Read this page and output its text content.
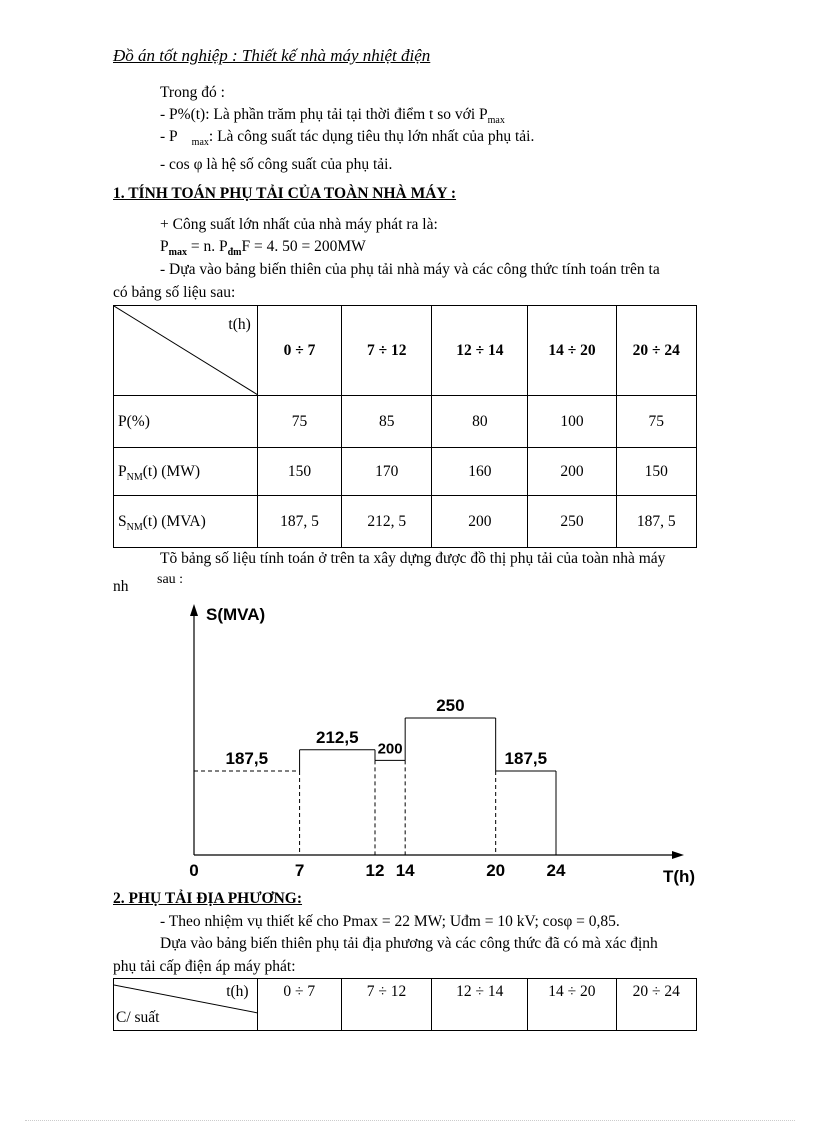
Đồ án tốt nghiệp : Thiết kế nhà máy nhiệt điện
Trong đó :
- P%(t): Là phần trăm phụ tải tại thời điểm t so với $P_{max}$
- P $_{max}$: Là công suất tác dụng tiêu thụ lớn nhất của phụ tải.
- cos φ là hệ số công suất của phụ tải.
1. TÍNH TOÁN PHỤ TẢI CỦA TOÀN NHÀ MÁY :
+ Công suất lớn nhất của nhà máy phát ra là:
$P_{max} = n$. $P_{đm}F = 4$. 50 = 200MW
- Dựa vào bảng biến thiên của phụ tải nhà máy và các công thức tính toán trên ta
có bảng số liệu sau:
t(h)	0 ÷ 7	7 ÷ 12	12 ÷ 14	14 ÷ 20	20 ÷ 24
P(%)	75	85	80	100	75
$P_{NM}(t)$ (MW)	150	170	160	200	150
$S_{NM}(t)$ (MVA)	187, 5	212, 5	200	250	187, 5
Tõ bảng số liệu tính toán ở trên ta xây dựng được đồ thị phụ tải của toàn nhà máy
nh sau :
S(MVA)
T(h)
0	7	12 14	20 24
187,5
212,5
200
250
187,5
2. PHỤ TẢI ĐỊA PHƯƠNG:
- Theo nhiệm vụ thiết kế cho Pmax = 22 MW; Uđm = 10 kV; cosφ = 0,85.
Dựa vào bảng biến thiên phụ tải địa phương và các công thức đã có mà xác định
phụ tải cấp điện áp máy phát:
t(h)
C/ suất
	0 ÷ 7	7 ÷ 12	12 ÷ 14	14 ÷ 20	20 ÷ 24
